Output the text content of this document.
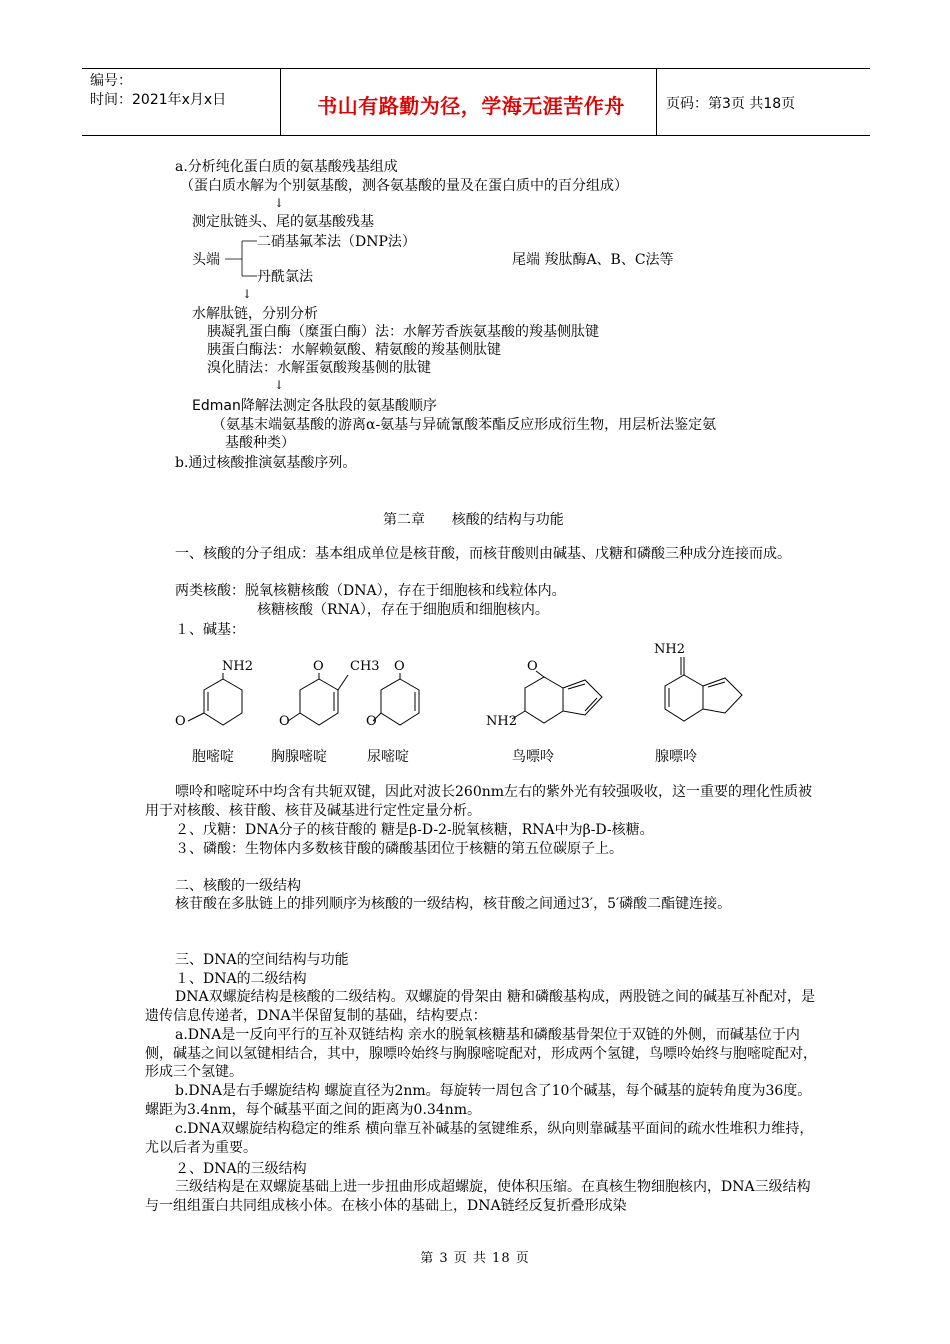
编号：
时间：2021年x月x日	书山有路勤为径，学海无涯苦作舟	页码：第3页 共18页
a.分析纯化蛋白质的氨基酸残基组成
（蛋白质水解为个别氨基酸，测各氨基酸的量及在蛋白质中的百分组成）
↓
测定肽链头、尾的氨基酸残基
头端
二硝基氟苯法（DNP法）
丹酰氯法
尾端 羧肽酶A、B、C法等
↓
水解肽链，分别分析
胰凝乳蛋白酶（糜蛋白酶）法：水解芳香族氨基酸的羧基侧肽键
胰蛋白酶法：水解赖氨酸、精氨酸的羧基侧肽键
溴化腈法：水解蛋氨酸羧基侧的肽键
↓
Edman降解法测定各肽段的氨基酸顺序
（氨基末端氨基酸的游离α-氨基与异硫氰酸苯酯反应形成衍生物，用层析法鉴定氨
基酸种类）
b.通过核酸推演氨基酸序列。
第二章      核酸的结构与功能
一、核酸的分子组成：基本组成单位是核苷酸，而核苷酸则由碱基、戊糖和磷酸三种成分连接而成。
两类核酸：脱氧核糖核酸（DNA），存在于细胞核和线粒体内。
核糖核酸（RNA），存在于细胞质和细胞核内。
１、碱基：
NH2
O
O CH3
O
O
O
O
NH2
NH2
胞嘧啶	胸腺嘧啶	尿嘧啶	鸟嘌呤	腺嘌呤
嘌呤和嘧啶环中均含有共轭双键，因此对波长260nm左右的紫外光有较强吸收，这一重要的理化性质被用于对核酸、核苷酸、核苷及碱基进行定性定量分析。
２、戊糖：DNA分子的核苷酸的 糖是β-D-2-脱氧核糖，RNA中为β-D-核糖。
３、磷酸：生物体内多数核苷酸的磷酸基团位于核糖的第五位碳原子上。
二、核酸的一级结构
核苷酸在多肽链上的排列顺序为核酸的一级结构，核苷酸之间通过3′，5′磷酸二酯键连接。
三、DNA的空间结构与功能
１、DNA的二级结构
DNA双螺旋结构是核酸的二级结构。双螺旋的骨架由 糖和磷酸基构成，两股链之间的碱基互补配对，是遗传信息传递者，DNA半保留复制的基础，结构要点：
a.DNA是一反向平行的互补双链结构 亲水的脱氧核糖基和磷酸基骨架位于双链的外侧，而碱基位于内侧，碱基之间以氢键相结合，其中，腺嘌呤始终与胸腺嘧啶配对，形成两个氢键，鸟嘌呤始终与胞嘧啶配对，形成三个氢键。
b.DNA是右手螺旋结构 螺旋直径为2nm。每旋转一周包含了10个碱基，每个碱基的旋转角度为36度。螺距为3.4nm，每个碱基平面之间的距离为0.34nm。
c.DNA双螺旋结构稳定的维系 横向靠互补碱基的氢键维系，纵向则靠碱基平面间的疏水性堆积力维持，尤以后者为重要。
２、DNA的三级结构
三级结构是在双螺旋基础上进一步扭曲形成超螺旋，使体积压缩。在真核生物细胞核内，DNA三级结构与一组组蛋白共同组成核小体。在核小体的基础上，DNA链经反复折叠形成染
第 3 页 共 18 页
